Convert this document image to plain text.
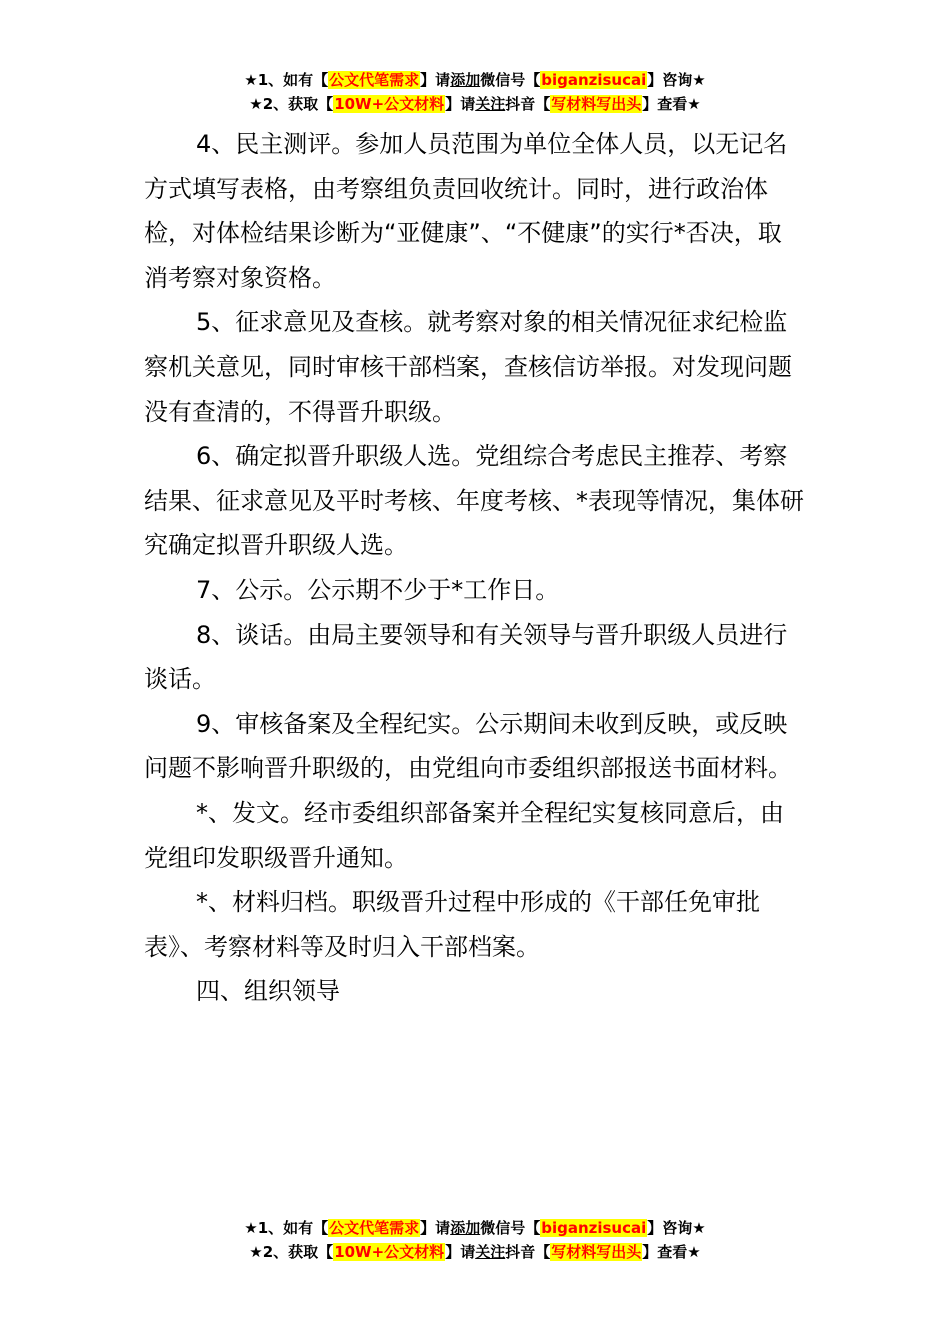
★1、如有【公文代笔需求】请添加微信号【biganzisucai】咨询★
★2、获取【10W+公文材料】请关注抖音【写材料写出头】查看★

4、民主测评。参加人员范围为单位全体人员，以无记名方式填写表格，由考察组负责回收统计。同时，进行政治体检，对体检结果诊断为“亚健康”、“不健康”的实行*否决，取消考察对象资格。

5、征求意见及查核。就考察对象的相关情况征求纪检监察机关意见，同时审核干部档案，查核信访举报。对发现问题没有查清的，不得晋升职级。

6、确定拟晋升职级人选。党组综合考虑民主推荐、考察结果、征求意见及平时考核、年度考核、*表现等情况，集体研究确定拟晋升职级人选。

7、公示。公示期不少于*工作日。

8、谈话。由局主要领导和有关领导与晋升职级人员进行谈话。

9、审核备案及全程纪实。公示期间未收到反映，或反映问题不影响晋升职级的，由党组向市委组织部报送书面材料。

*、发文。经市委组织部备案并全程纪实复核同意后，由党组印发职级晋升通知。

*、材料归档。职级晋升过程中形成的《干部任免审批表》、考察材料等及时归入干部档案。

四、组织领导

★1、如有【公文代笔需求】请添加微信号【biganzisucai】咨询★
★2、获取【10W+公文材料】请关注抖音【写材料写出头】查看★
